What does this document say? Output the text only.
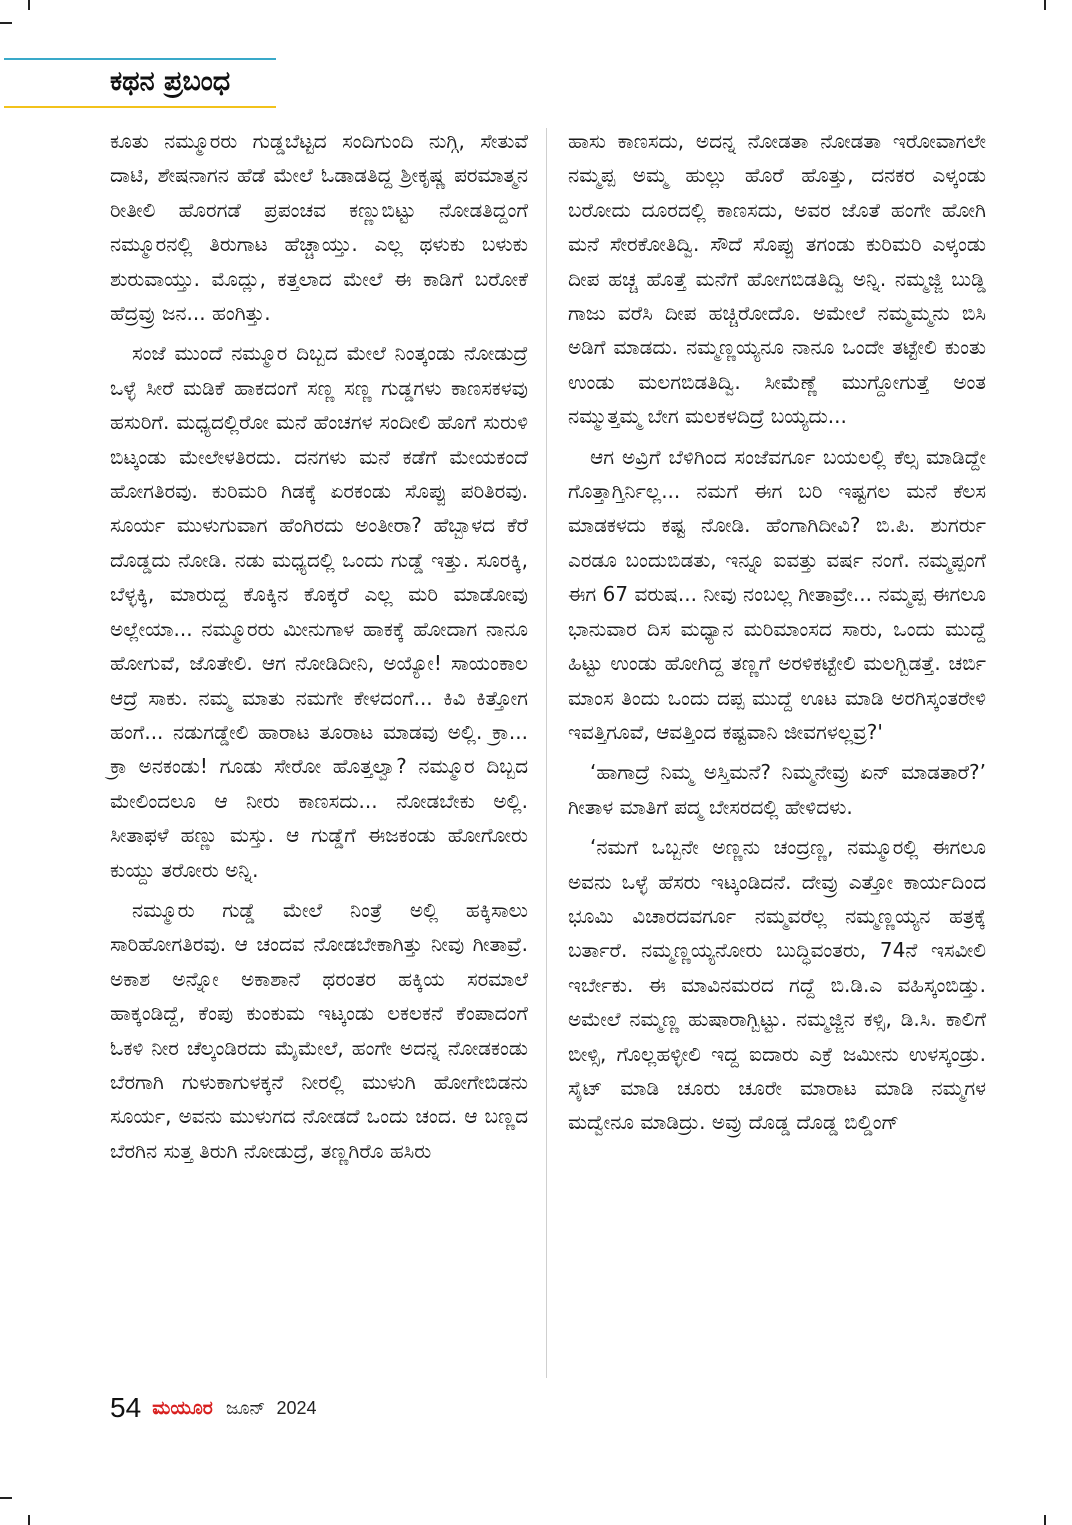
ಕಥನ ಪ್ರಬಂಧ

ಕೂತು ನಮ್ಮೂರರು ಗುಡ್ಡಬೆಟ್ಟದ ಸಂದಿಗುಂದಿ ನುಗ್ಗಿ, ಸೇತುವೆ ದಾಟಿ, ಶೇಷನಾಗನ ಹೆಡೆ ಮೇಲೆ ಓಡಾಡತಿದ್ದ ಶ್ರೀಕೃಷ್ಣ ಪರಮಾತ್ಮನ ರೀತೀಲಿ ಹೊರಗಡೆ ಪ್ರಪಂಚವ ಕಣ್ಣುಬಿಟ್ಟು ನೋಡತಿದ್ದಂಗೆ ನಮ್ಮೂರನಲ್ಲಿ ತಿರುಗಾಟ ಹೆಚ್ಚಾಯ್ತು. ಎಲ್ಲ ಥಳುಕು ಬಳುಕು ಶುರುವಾಯ್ತು. ಮೊದ್ಲು, ಕತ್ತಲಾದ ಮೇಲೆ ಈ ಕಾಡಿಗೆ ಬರೋಕೆ ಹೆದ್ರವ್ರು ಜನ... ಹಂಗಿತ್ತು.

ಸಂಜೆ ಮುಂದೆ ನಮ್ಮೂರ ದಿಬ್ಬದ ಮೇಲೆ ನಿಂತ್ಕಂಡು ನೋಡುದ್ರೆ ಒಳ್ಳೆ ಸೀರೆ ಮಡಿಕೆ ಹಾಕದಂಗೆ ಸಣ್ಣ ಸಣ್ಣ ಗುಡ್ಡಗಳು ಕಾಣಸಕಳವು ಹಸುರಿಗೆ. ಮಧ್ಯದಲ್ಲಿರೋ ಮನೆ ಹೆಂಚಗಳ ಸಂದೀಲಿ ಹೊಗೆ ಸುರುಳಿ ಬಿಟ್ಕಂಡು ಮೇಲೇಳತಿರದು. ದನಗಳು ಮನೆ ಕಡೆಗೆ ಮೇಯಕಂದೆ ಹೋಗತಿರವು. ಕುರಿಮರಿ ಗಿಡಕ್ಕೆ ಏರಕಂಡು ಸೊಪ್ಪು ಪರಿತಿರವು. ಸೂರ್ಯ ಮುಳುಗುವಾಗ ಹೆಂಗಿರದು ಅಂತೀರಾ? ಹೆಬ್ಬಾಳದ ಕೆರೆ ದೊಡ್ಡದು ನೋಡಿ. ನಡು ಮಧ್ಯದಲ್ಲಿ ಒಂದು ಗುಡ್ಡೆ ಇತ್ತು. ಸೂರಕ್ಕಿ, ಬೆಳ್ಳಕ್ಕಿ, ಮಾರುದ್ದ ಕೊಕ್ಕಿನ ಕೊಕ್ಕರೆ ಎಲ್ಲ ಮರಿ ಮಾಡೋವು ಅಲ್ಲೇಯಾ... ನಮ್ಮೂರರು ಮೀನುಗಾಳ ಹಾಕಕ್ಕೆ ಹೋದಾಗ ನಾನೂ ಹೋಗುವೆ, ಜೊತೇಲಿ. ಆಗ ನೋಡಿದೀನಿ, ಅಯ್ಯೋ! ಸಾಯಂಕಾಲ ಆದ್ರೆ ಸಾಕು. ನಮ್ಮ ಮಾತು ನಮಗೇ ಕೇಳದಂಗೆ... ಕಿವಿ ಕಿತ್ತೋಗ ಹಂಗೆ... ನಡುಗಡ್ಡೇಲಿ ಹಾರಾಟ ತೂರಾಟ ಮಾಡವು ಅಲ್ಲಿ. ಕ್ರಾ... ಕ್ರಾ ಅನಕಂಡು! ಗೂಡು ಸೇರೋ ಹೊತ್ತಲ್ವಾ? ನಮ್ಮೂರ ದಿಬ್ಬದ ಮೇಲಿಂದಲೂ ಆ ನೀರು ಕಾಣಸದು... ನೋಡಬೇಕು ಅಲ್ಲಿ. ಸೀತಾಫಳೆ ಹಣ್ಣು ಮಸ್ತು. ಆ ಗುಡ್ಡೆಗೆ ಈಜಕಂಡು ಹೋಗೋರು ಕುಯ್ದು ತರೋರು ಅನ್ನಿ.

ನಮ್ಮೂರು ಗುಡ್ಡೆ ಮೇಲೆ ನಿಂತ್ರೆ ಅಲ್ಲಿ ಹಕ್ಕಿಸಾಲು ಸಾರಿಹೋಗತಿರವು. ಆ ಚಂದವ ನೋಡಬೇಕಾಗಿತ್ತು ನೀವು ಗೀತಾವ್ರೆ. ಅಕಾಶ ಅನ್ನೋ ಅಕಾಶಾನೆ ಥರಂತರ ಹಕ್ಕಿಯ ಸರಮಾಲೆ ಹಾಕ್ಕಂಡಿದ್ದೆ, ಕೆಂಪು ಕುಂಕುಮ ಇಟ್ಕಂಡು ಲಕಲಕನೆ ಕೆಂಪಾದಂಗೆ ಓಕಳಿ ನೀರ ಚೆಲ್ಕಂಡಿರದು ಮೈಮೇಲೆ, ಹಂಗೇ ಅದನ್ನ ನೋಡಕಂಡು ಬೆರಗಾಗಿ ಗುಳುಕಾಗುಳಕ್ಕನೆ ನೀರಲ್ಲಿ ಮುಳುಗಿ ಹೋಗೇಬಿಡನು ಸೂರ್ಯ, ಅವನು ಮುಳುಗದ ನೋಡದೆ ಒಂದು ಚಂದ. ಆ ಬಣ್ಣದ ಬೆರಗಿನ ಸುತ್ತ ತಿರುಗಿ ನೋಡುದ್ರೆ, ತಣ್ಣಗಿರೊ ಹಸಿರು

ಹಾಸು ಕಾಣಸದು, ಅದನ್ನ ನೋಡತಾ ನೋಡತಾ ಇರೋವಾಗಲೇ ನಮ್ಮಪ್ಪ ಅಮ್ಮ ಹುಲ್ಲು ಹೊರೆ ಹೊತ್ತು, ದನಕರ ಎಳ್ಕಂಡು ಬರೋದು ದೂರದಲ್ಲಿ ಕಾಣಸದು, ಅವರ ಜೊತೆ ಹಂಗೇ ಹೋಗಿ ಮನೆ ಸೇರಕೋತಿದ್ವಿ. ಸೌದೆ ಸೊಪ್ಪು ತಗಂಡು ಕುರಿಮರಿ ಎಳ್ಕಂಡು ದೀಪ ಹಚ್ಚ ಹೊತ್ತೆ ಮನೆಗೆ ಹೋಗಬಿಡತಿದ್ವಿ ಅನ್ನಿ. ನಮ್ಮಜ್ಜಿ ಬುಡ್ಡಿ ಗಾಜು ವರೆಸಿ ದೀಪ ಹಚ್ಚಿರೋದೊ. ಅಮೇಲೆ ನಮ್ಮಮ್ಮನು ಬಿಸಿ ಅಡಿಗೆ ಮಾಡದು. ನಮ್ಮಣ್ಣಯ್ಯನೂ ನಾನೂ ಒಂದೇ ತಟ್ಟೇಲಿ ಕುಂತು ಉಂಡು ಮಲಗಬಿಡತಿದ್ವಿ. ಸೀಮೆಣ್ಣೆ ಮುಗ್ದೋಗುತ್ತೆ ಅಂತ ನಮ್ಮುತ್ತಮ್ಮ ಬೇಗ ಮಲಕಳದಿದ್ರೆ ಬಯ್ಯದು...

ಆಗ ಅವ್ರಿಗೆ ಬೆಳಿಗಿಂದ ಸಂಜೆವರ್ಗೂ ಬಯಲಲ್ಲಿ ಕೆಲ್ಸ ಮಾಡಿದ್ದೇ ಗೊತ್ತಾಗ್ತಿರ್ನಿಲ್ಲ... ನಮಗೆ ಈಗ ಬರಿ ಇಷ್ಟಗಲ ಮನೆ ಕೆಲಸ ಮಾಡಕಳದು ಕಷ್ಟ ನೋಡಿ. ಹೆಂಗಾಗಿದೀವಿ? ಬಿ.ಪಿ. ಶುಗರ್ರು ಎರಡೂ ಬಂದುಬಿಡತು, ಇನ್ನೂ ಐವತ್ತು ವರ್ಷ ನಂಗೆ. ನಮ್ಮಪ್ಪಂಗೆ ಈಗ 67 ವರುಷ... ನೀವು ನಂಬಲ್ಲ ಗೀತಾವ್ರೇ... ನಮ್ಮಪ್ಪ ಈಗಲೂ ಭಾನುವಾರ ದಿಸ ಮಧ್ಯಾನ ಮರಿಮಾಂಸದ ಸಾರು, ಒಂದು ಮುದ್ದೆ ಹಿಟ್ಟು ಉಂಡು ಹೋಗಿದ್ದ ತಣ್ಣಗೆ ಅರಳಿಕಟ್ಟೇಲಿ ಮಲಗ್ಬಿಡತ್ತೆ. ಚರ್ಬಿ ಮಾಂಸ ತಿಂದು ಒಂದು ದಪ್ಪ ಮುದ್ದೆ ಊಟ ಮಾಡಿ ಅರಗಿಸ್ಕಂತರೇಳಿ ಇವತ್ತಿಗೂವೆ, ಆವತ್ತಿಂದ ಕಷ್ಟವಾನಿ ಜೀವಗಳಲ್ಲವ್ರ?'

‘ಹಾಗಾದ್ರೆ ನಿಮ್ಮ ಅಸ್ತಿಮನೆ? ನಿಮ್ಮನೇವ್ರು ಏನ್ ಮಾಡತಾರೆ?’ ಗೀತಾಳ ಮಾತಿಗೆ ಪದ್ಮ ಬೇಸರದಲ್ಲಿ ಹೇಳಿದಳು.

‘ನಮಗೆ ಒಬ್ಬನೇ ಅಣ್ಣನು ಚಂದ್ರಣ್ಣ, ನಮ್ಮೂರಲ್ಲಿ ಈಗಲೂ ಅವನು ಒಳ್ಳೆ ಹೆಸರು ಇಟ್ಕಂಡಿದನೆ. ದೇವ್ರು ಎತ್ತೋ ಕಾರ್ಯದಿಂದ ಭೂಮಿ ವಿಚಾರದವರ್ಗೂ ನಮ್ಮವರೆಲ್ಲ ನಮ್ಮಣ್ಣಯ್ಯನ ಹತ್ರಕ್ಕೆ ಬರ್ತಾರೆ. ನಮ್ಮಣ್ಣಯ್ಯನೋರು ಬುದ್ಧಿವಂತರು, 74ನೆ ಇಸವೀಲಿ ಇರ್ಬೇಕು. ಈ ಮಾವಿನಮರದ ಗದ್ದೆ ಬಿ.ಡಿ.ಎ ವಹಿಸ್ಕಂಬಿಡ್ತು. ಅಮೇಲೆ ನಮ್ಮಣ್ಣ ಹುಷಾರಾಗ್ಬಿಟ್ಟು. ನಮ್ಮಜ್ಜಿನ ಕಳ್ಸಿ, ಡಿ.ಸಿ. ಕಾಲಿಗೆ ಬೀಳ್ಸಿ, ಗೊಲ್ಲಹಳ್ಳೀಲಿ ಇದ್ದ ಐದಾರು ಎಕ್ರೆ ಜಮೀನು ಉಳಸ್ಕಂಡ್ರು. ಸೈಟ್ ಮಾಡಿ ಚೂರು ಚೂರೇ ಮಾರಾಟ ಮಾಡಿ ನಮ್ಮಗಳ ಮದ್ವೇನೂ ಮಾಡಿದ್ರು. ಅವ್ರು ದೊಡ್ಡ ದೊಡ್ಡ ಬಿಲ್ಡಿಂಗ್

54 ಮಯೂರ ಜೂನ್ 2024
